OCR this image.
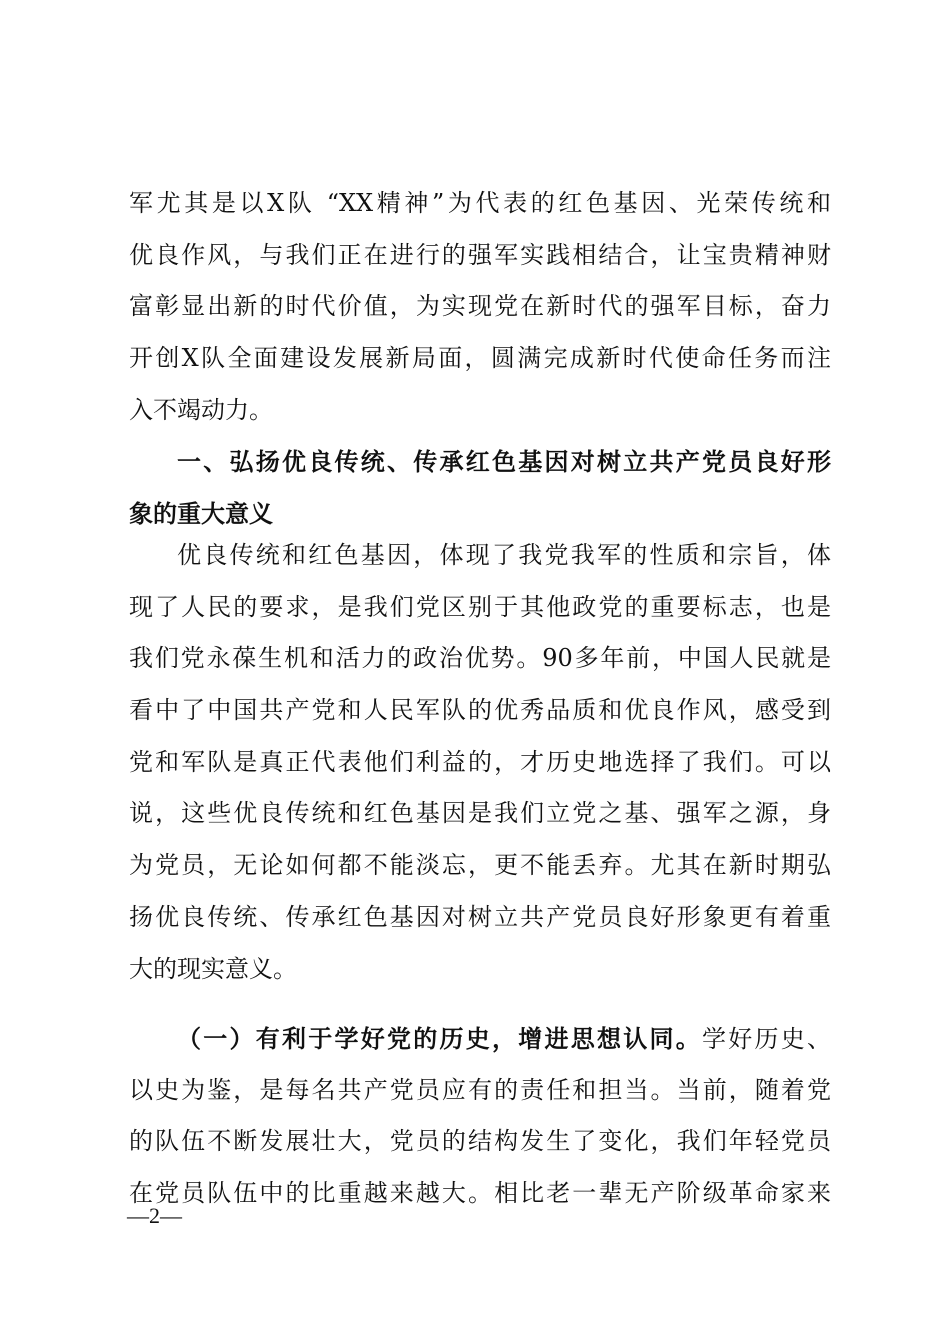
军尤其是以X队 “XX精神”为代表的红色基因、光荣传统和
优良作风，与我们正在进行的强军实践相结合，让宝贵精神财
富彰显出新的时代价值，为实现党在新时代的强军目标，奋力
开创X队全面建设发展新局面，圆满完成新时代使命任务而注
入不竭动力。
一、弘扬优良传统、传承红色基因对树立共产党员良好形
象的重大意义
优良传统和红色基因，体现了我党我军的性质和宗旨，体
现了人民的要求，是我们党区别于其他政党的重要标志，也是
我们党永葆生机和活力的政治优势。90多年前，中国人民就是
看中了中国共产党和人民军队的优秀品质和优良作风，感受到
党和军队是真正代表他们利益的，才历史地选择了我们。可以
说，这些优良传统和红色基因是我们立党之基、强军之源，身
为党员，无论如何都不能淡忘，更不能丢弃。尤其在新时期弘
扬优良传统、传承红色基因对树立共产党员良好形象更有着重
大的现实意义。
（一）有利于学好党的历史，增进思想认同。学好历史、
以史为鉴，是每名共产党员应有的责任和担当。当前，随着党
的队伍不断发展壮大，党员的结构发生了变化，我们年轻党员
在党员队伍中的比重越来越大。相比老一辈无产阶级革命家来
—2—
